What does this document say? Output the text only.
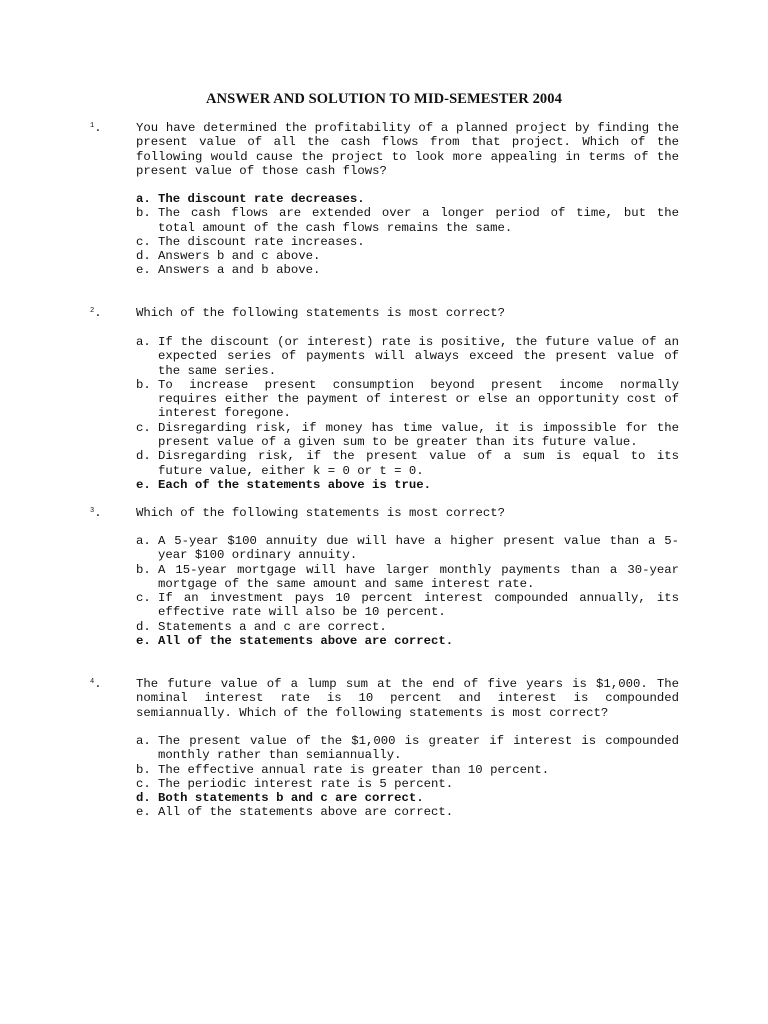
ANSWER AND SOLUTION TO MID-SEMESTER 2004
$^1$.	You have determined the profitability of a planned project by finding the present value of all the cash flows from that project. Which of the following would cause the project to look more appealing in terms of the present value of those cash flows?
a. The discount rate decreases.
b. The cash flows are extended over a longer period of time, but the total amount of the cash flows remains the same.
c. The discount rate increases.
d. Answers b and c above.
e. Answers a and b above.
$^2$.	Which of the following statements is most correct?
a. If the discount (or interest) rate is positive, the future value of an expected series of payments will always exceed the present value of the same series.
b. To increase present consumption beyond present income normally requires either the payment of interest or else an opportunity cost of interest foregone.
c. Disregarding risk, if money has time value, it is impossible for the present value of a given sum to be greater than its future value.
d. Disregarding risk, if the present value of a sum is equal to its future value, either k = 0 or t = 0.
e. Each of the statements above is true.
$^3$.	Which of the following statements is most correct?
a. A 5-year $100 annuity due will have a higher present value than a 5-year $100 ordinary annuity.
b. A 15-year mortgage will have larger monthly payments than a 30-year mortgage of the same amount and same interest rate.
c. If an investment pays 10 percent interest compounded annually, its effective rate will also be 10 percent.
d. Statements a and c are correct.
e. All of the statements above are correct.
$^4$.	The future value of a lump sum at the end of five years is $1,000. The nominal interest rate is 10 percent and interest is compounded semiannually. Which of the following statements is most correct?
a. The present value of the $1,000 is greater if interest is compounded monthly rather than semiannually.
b. The effective annual rate is greater than 10 percent.
c. The periodic interest rate is 5 percent.
d. Both statements b and c are correct.
e. All of the statements above are correct.
